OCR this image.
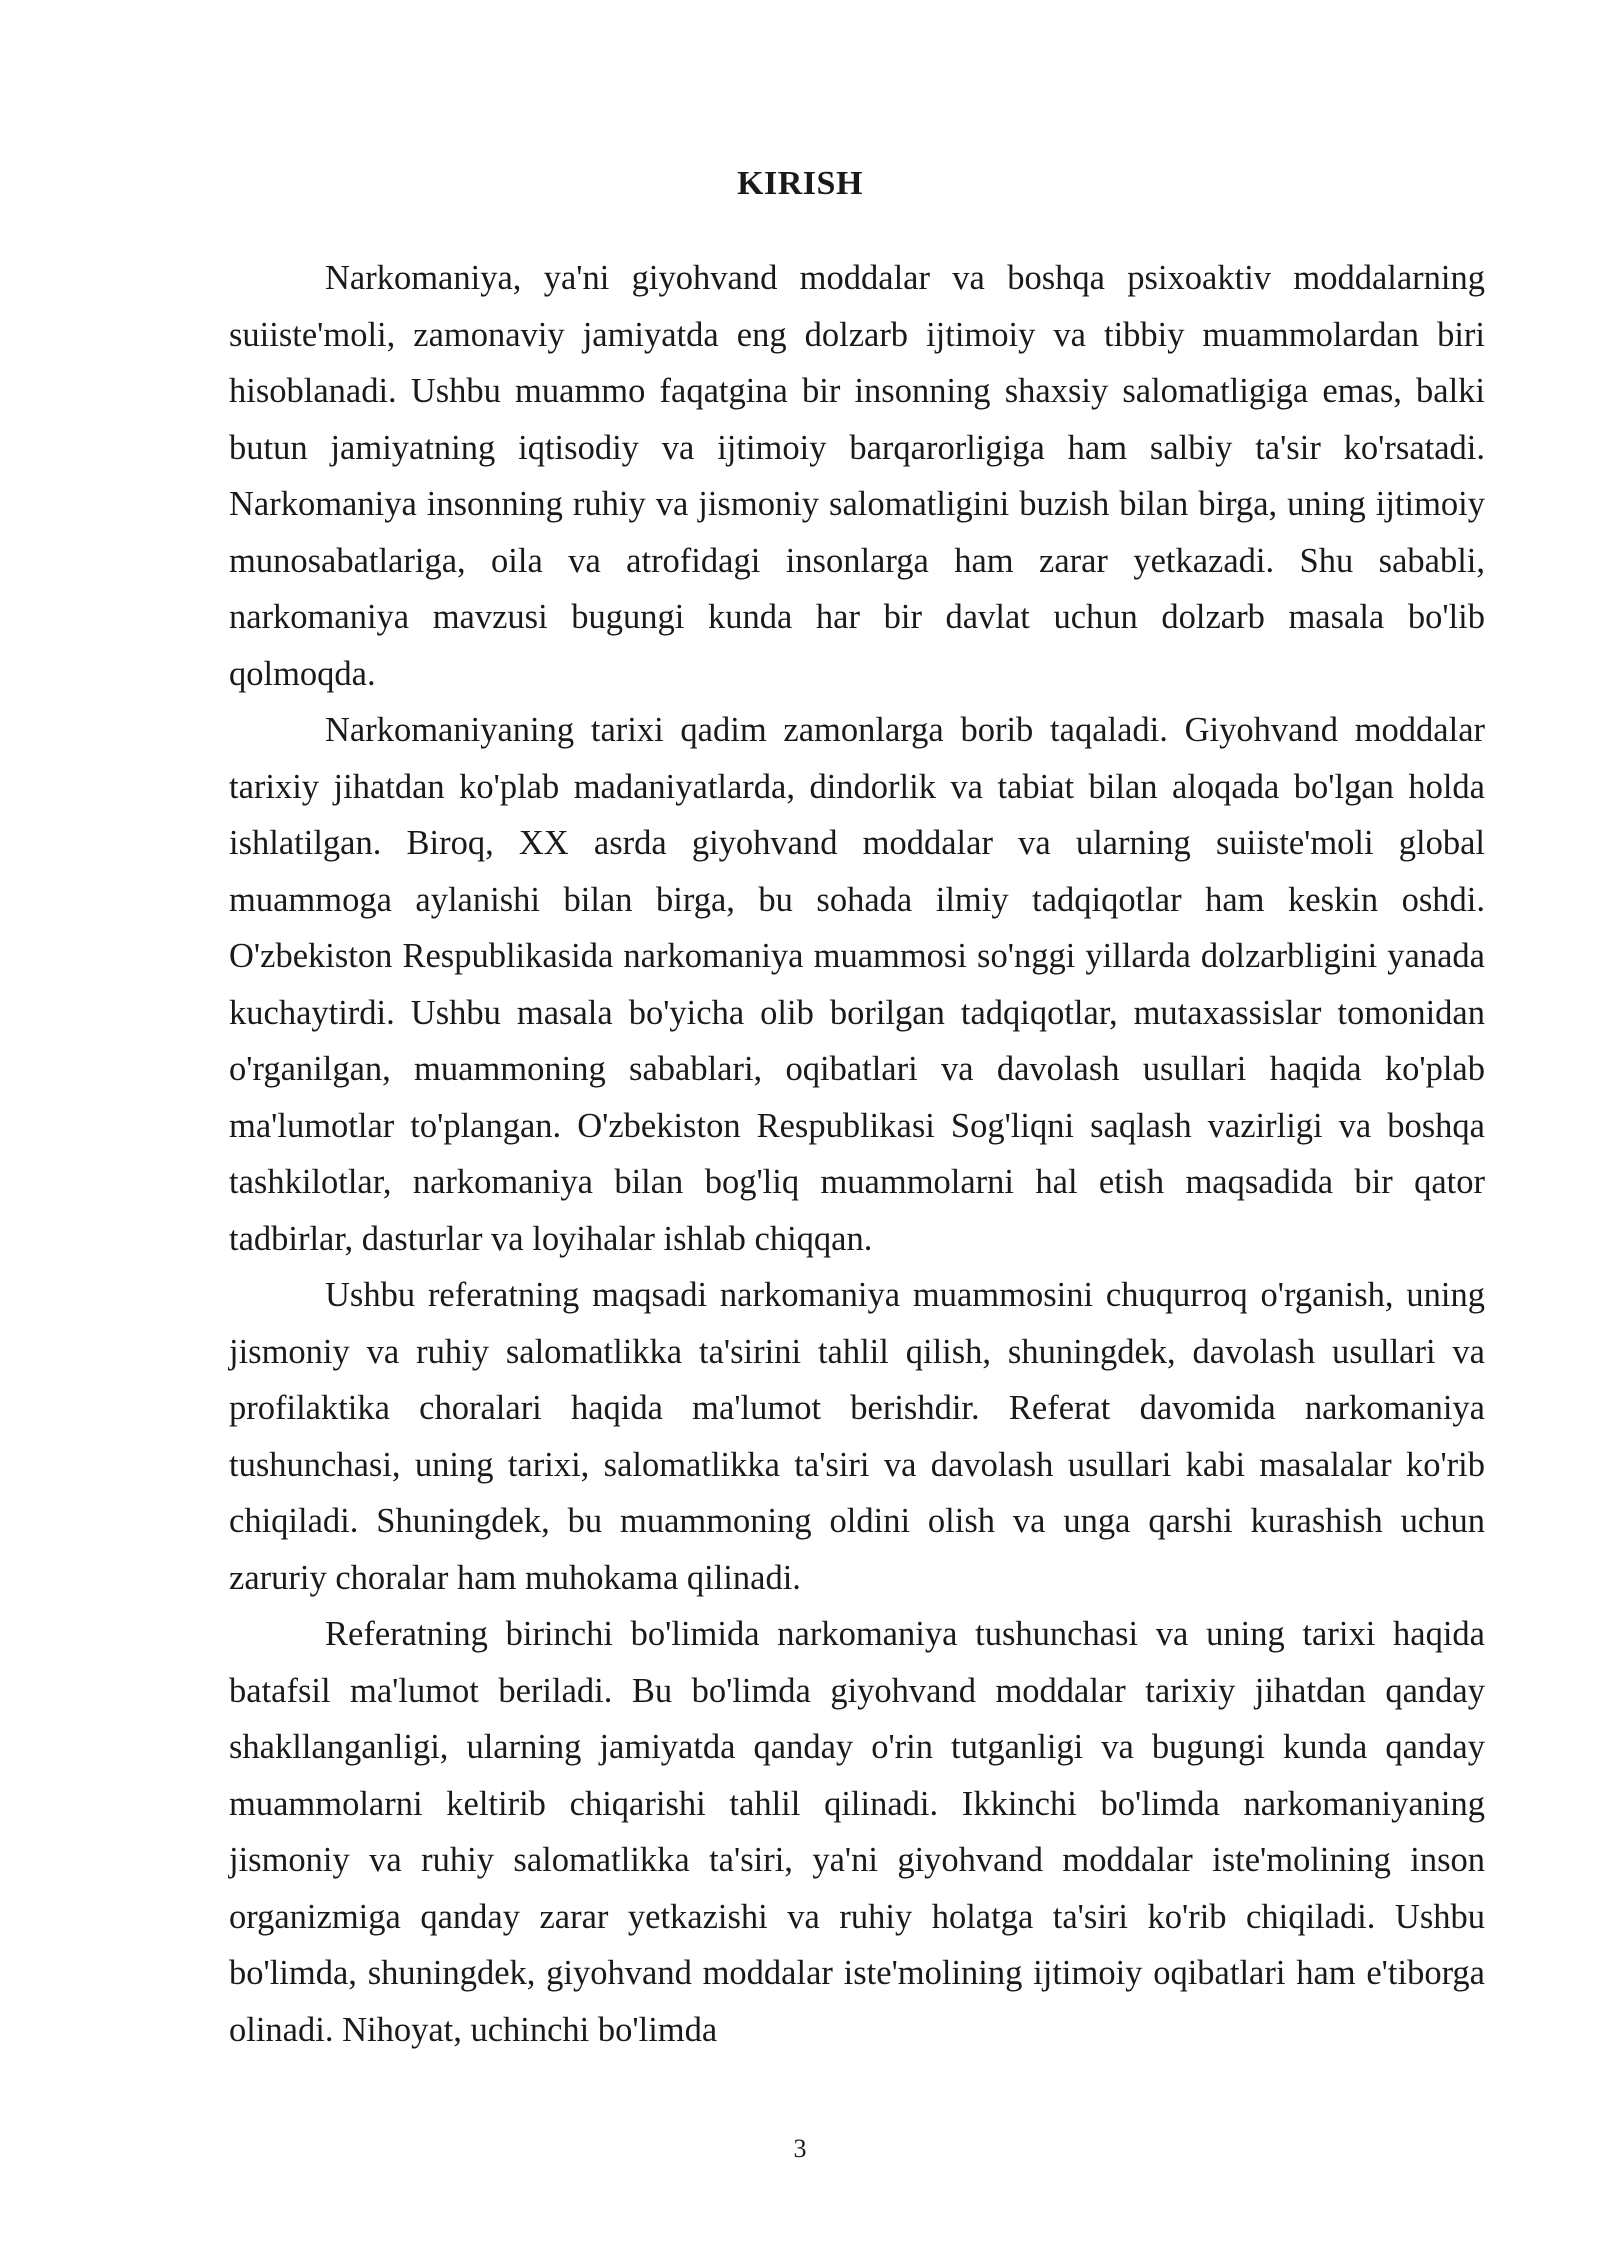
KIRISH

Narkomaniya, ya'ni giyohvand moddalar va boshqa psixoaktiv moddalarning suiiste'moli, zamonaviy jamiyatda eng dolzarb ijtimoiy va tibbiy muammolardan biri hisoblanadi. Ushbu muammo faqatgina bir insonning shaxsiy salomatligiga emas, balki butun jamiyatning iqtisodiy va ijtimoiy barqarorligiga ham salbiy ta'sir ko'rsatadi. Narkomaniya insonning ruhiy va jismoniy salomatligini buzish bilan birga, uning ijtimoiy munosabatlariga, oila va atrofidagi insonlarga ham zarar yetkazadi. Shu sababli, narkomaniya mavzusi bugungi kunda har bir davlat uchun dolzarb masala bo'lib qolmoqda.

Narkomaniyaning tarixi qadim zamonlarga borib taqaladi. Giyohvand moddalar tarixiy jihatdan ko'plab madaniyatlarda, dindorlik va tabiat bilan aloqada bo'lgan holda ishlatilgan. Biroq, XX asrda giyohvand moddalar va ularning suiiste'moli global muammoga aylanishi bilan birga, bu sohada ilmiy tadqiqotlar ham keskin oshdi. O'zbekiston Respublikasida narkomaniya muammosi so'nggi yillarda dolzarbligini yanada kuchaytirdi. Ushbu masala bo'yicha olib borilgan tadqiqotlar, mutaxassislar tomonidan o'rganilgan, muammoning sabablari, oqibatlari va davolash usullari haqida ko'plab ma'lumotlar to'plangan. O'zbekiston Respublikasi Sog'liqni saqlash vazirligi va boshqa tashkilotlar, narkomaniya bilan bog'liq muammolarni hal etish maqsadida bir qator tadbirlar, dasturlar va loyihalar ishlab chiqqan.

Ushbu referatning maqsadi narkomaniya muammosini chuqurroq o'rganish, uning jismoniy va ruhiy salomatlikka ta'sirini tahlil qilish, shuningdek, davolash usullari va profilaktika choralari haqida ma'lumot berishdir. Referat davomida narkomaniya tushunchasi, uning tarixi, salomatlikka ta'siri va davolash usullari kabi masalalar ko'rib chiqiladi. Shuningdek, bu muammoning oldini olish va unga qarshi kurashish uchun zaruriy choralar ham muhokama qilinadi.

Referatning birinchi bo'limida narkomaniya tushunchasi va uning tarixi haqida batafsil ma'lumot beriladi. Bu bo'limda giyohvand moddalar tarixiy jihatdan qanday shakllanganligi, ularning jamiyatda qanday o'rin tutganligi va bugungi kunda qanday muammolarni keltirib chiqarishi tahlil qilinadi. Ikkinchi bo'limda narkomaniyaning jismoniy va ruhiy salomatlikka ta'siri, ya'ni giyohvand moddalar iste'molining inson organizmiga qanday zarar yetkazishi va ruhiy holatga ta'siri ko'rib chiqiladi. Ushbu bo'limda, shuningdek, giyohvand moddalar iste'molining ijtimoiy oqibatlari ham e'tiborga olinadi. Nihoyat, uchinchi bo'limda

3
